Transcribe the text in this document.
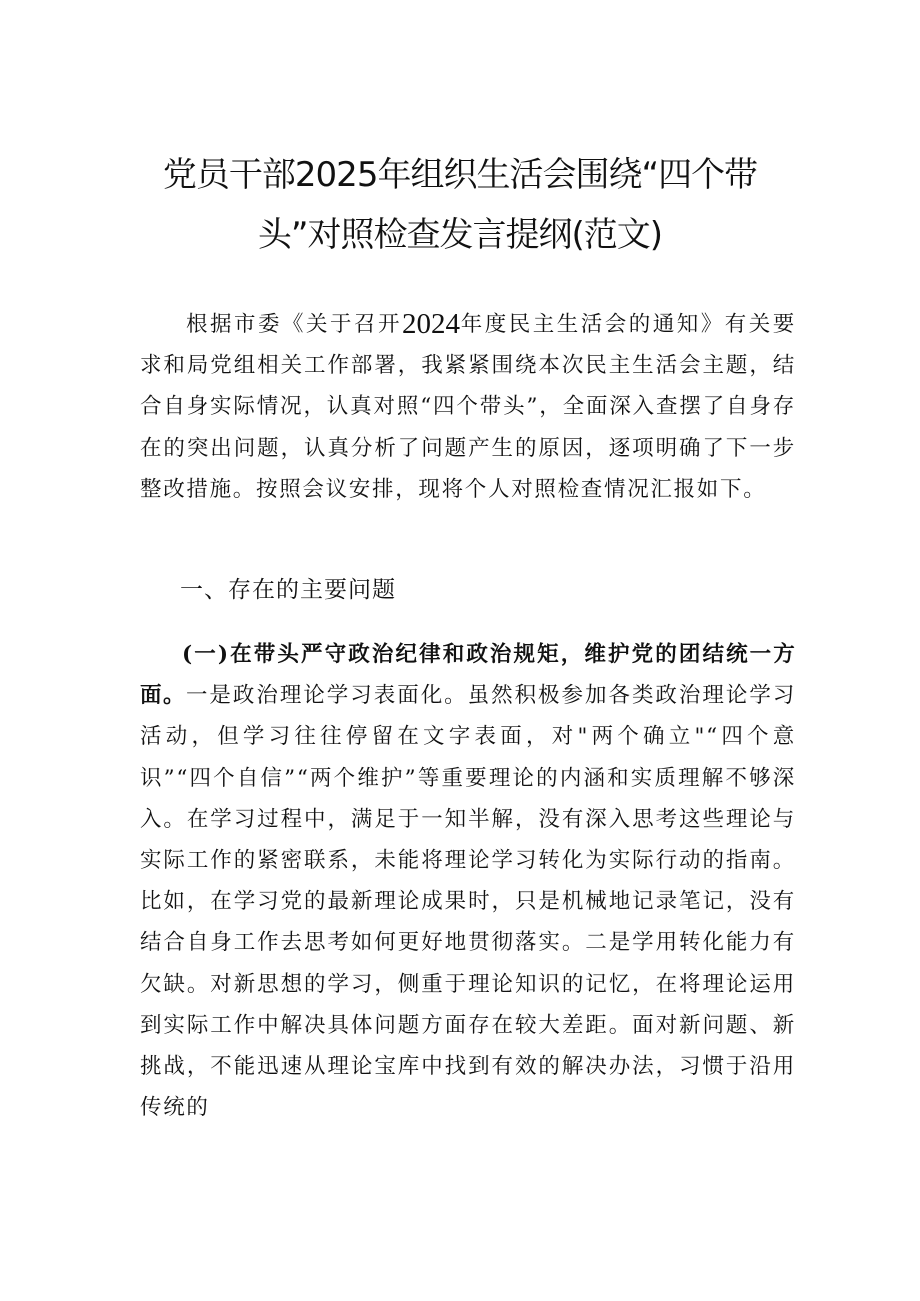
党员干部2025年组织生活会围绕“四个带
头”对照检查发言提纲(范文)

根据市委《关于召开2024年度民主生活会的通知》有关要求和局党组相关工作部署，我紧紧围绕本次民主生活会主题，结合自身实际情况，认真对照“四个带头”，全面深入查摆了自身存在的突出问题，认真分析了问题产生的原因，逐项明确了下一步整改措施。按照会议安排，现将个人对照检查情况汇报如下。

一、存在的主要问题

(一)在带头严守政治纪律和政治规矩，维护党的团结统一方面。一是政治理论学习表面化。虽然积极参加各类政治理论学习活动，但学习往往停留在文字表面，对"两个确立"“四个意识”“四个自信”“两个维护”等重要理论的内涵和实质理解不够深入。在学习过程中，满足于一知半解，没有深入思考这些理论与实际工作的紧密联系，未能将理论学习转化为实际行动的指南。比如，在学习党的最新理论成果时，只是机械地记录笔记，没有结合自身工作去思考如何更好地贯彻落实。二是学用转化能力有欠缺。对新思想的学习，侧重于理论知识的记忆，在将理论运用到实际工作中解决具体问题方面存在较大差距。面对新问题、新挑战，不能迅速从理论宝库中找到有效的解决办法，习惯于沿用传统的
